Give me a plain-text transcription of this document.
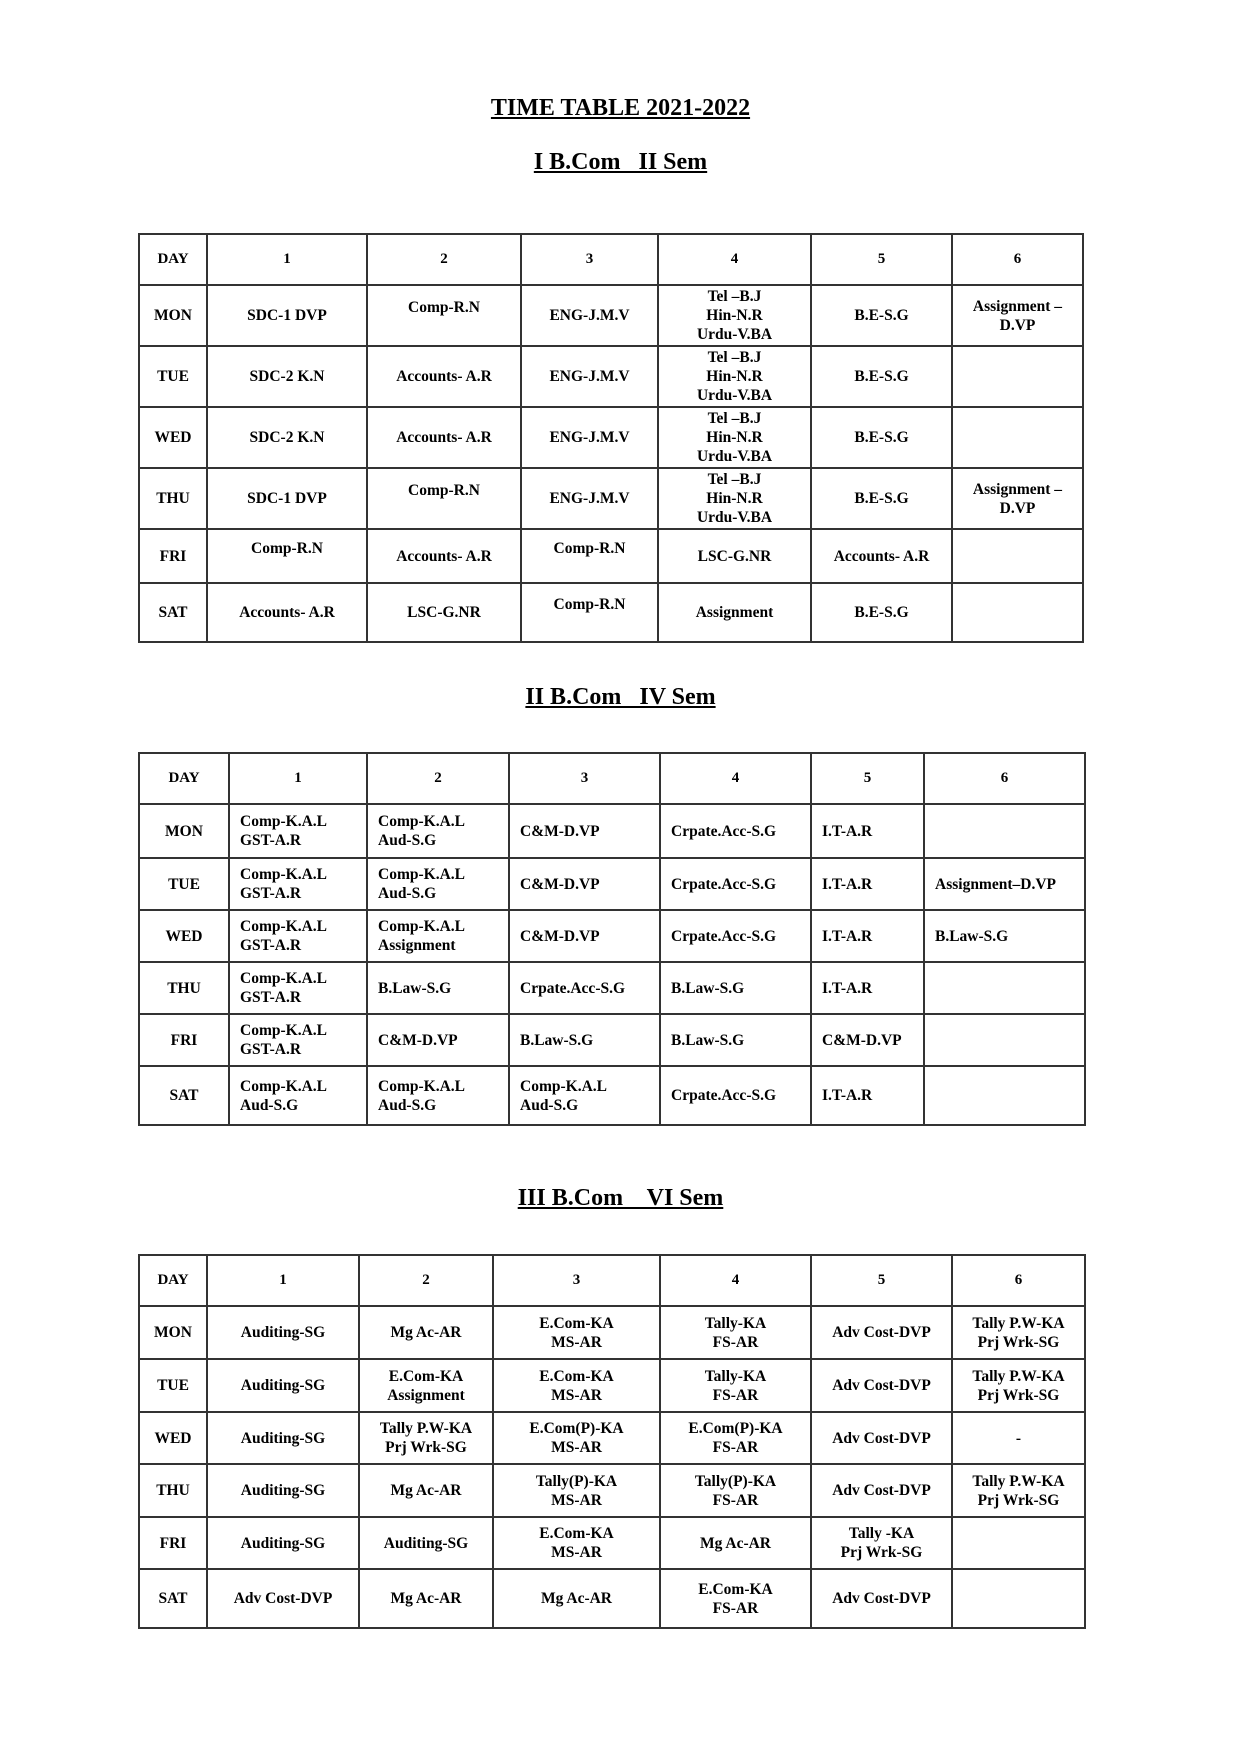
TIME TABLE 2021-2022
I B.Com   II Sem
II B.Com   IV Sem
III B.Com    VI Sem
DAY	1	2	3	4	5	6

MON	SDC-1 DVP	Comp-R.N	ENG-J.M.V	Tel –B.J
Hin-N.R
Urdu-V.BA	B.E-S.G	Assignment –
D.VP

TUE	SDC-2 K.N	Accounts- A.R	ENG-J.M.V	Tel –B.J
Hin-N.R
Urdu-V.BA	B.E-S.G	

WED	SDC-2 K.N	Accounts- A.R	ENG-J.M.V	Tel –B.J
Hin-N.R
Urdu-V.BA	B.E-S.G	

THU	SDC-1 DVP	Comp-R.N	ENG-J.M.V	Tel –B.J
Hin-N.R
Urdu-V.BA	B.E-S.G	Assignment –
D.VP

FRI	Comp-R.N	Accounts- A.R	Comp-R.N	LSC-G.NR	Accounts- A.R	

SAT	Accounts- A.R	LSC-G.NR	Comp-R.N	Assignment	B.E-S.G	

DAY	1	2	3	4	5	6

MON	Comp-K.A.L
GST-A.R	Comp-K.A.L
Aud-S.G	C&M-D.VP	Crpate.Acc-S.G	I.T-A.R	

TUE	Comp-K.A.L
GST-A.R	Comp-K.A.L
Aud-S.G	C&M-D.VP	Crpate.Acc-S.G	I.T-A.R	Assignment–D.VP

WED	Comp-K.A.L
GST-A.R	Comp-K.A.L
Assignment	C&M-D.VP	Crpate.Acc-S.G	I.T-A.R	B.Law-S.G

THU	Comp-K.A.L
GST-A.R	B.Law-S.G	Crpate.Acc-S.G	B.Law-S.G	I.T-A.R	

FRI	Comp-K.A.L
GST-A.R	C&M-D.VP	B.Law-S.G	B.Law-S.G	C&M-D.VP	

SAT	Comp-K.A.L
Aud-S.G	Comp-K.A.L
Aud-S.G	Comp-K.A.L
Aud-S.G	Crpate.Acc-S.G	I.T-A.R	

DAY	1	2	3	4	5	6

MON	Auditing-SG	Mg Ac-AR	E.Com-KA
MS-AR	Tally-KA
FS-AR	Adv Cost-DVP	Tally P.W-KA
Prj Wrk-SG

TUE	Auditing-SG	E.Com-KA
Assignment	E.Com-KA
MS-AR	Tally-KA
FS-AR	Adv Cost-DVP	Tally P.W-KA
Prj Wrk-SG

WED	Auditing-SG	Tally P.W-KA
Prj Wrk-SG	E.Com(P)-KA
MS-AR	E.Com(P)-KA
FS-AR	Adv Cost-DVP	-

THU	Auditing-SG	Mg Ac-AR	Tally(P)-KA
MS-AR	Tally(P)-KA
FS-AR	Adv Cost-DVP	Tally P.W-KA
Prj Wrk-SG

FRI	Auditing-SG	Auditing-SG	E.Com-KA
MS-AR	Mg Ac-AR	Tally -KA
Prj Wrk-SG	

SAT	Adv Cost-DVP	Mg Ac-AR	Mg Ac-AR	E.Com-KA
FS-AR	Adv Cost-DVP	
